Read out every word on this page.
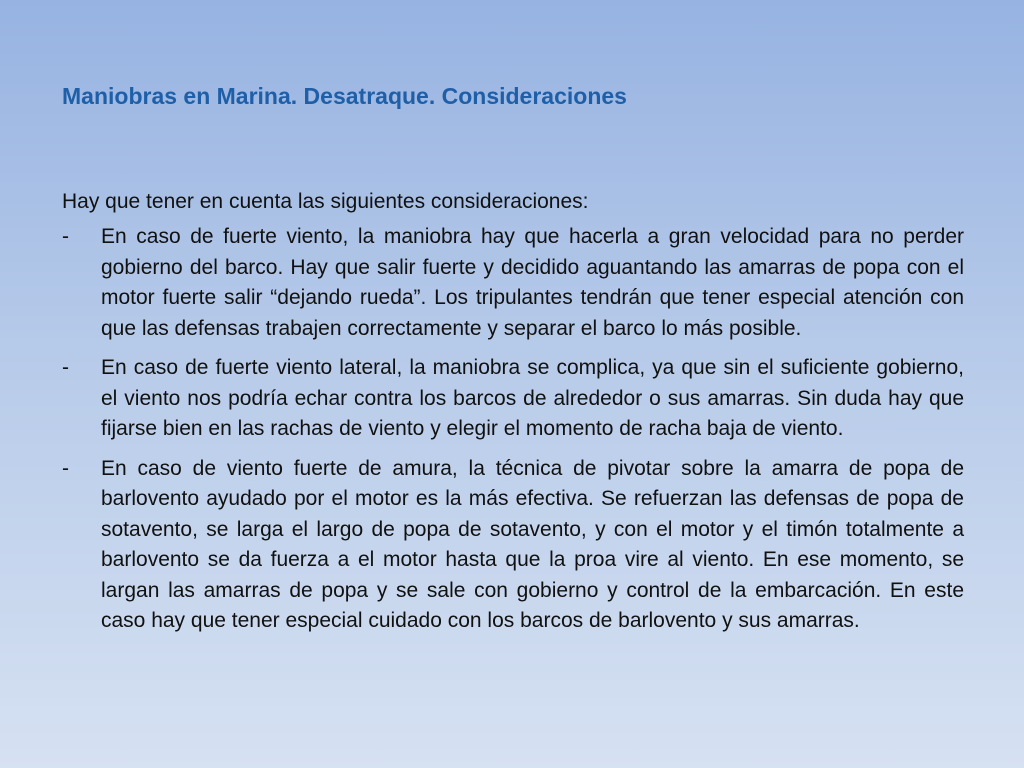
Maniobras en Marina. Desatraque. Consideraciones

Hay que tener en cuenta las siguientes consideraciones:

-	En caso de fuerte viento, la maniobra hay que hacerla a gran velocidad para no perder gobierno del barco. Hay que salir fuerte y decidido aguantando las amarras de popa con el motor fuerte salir “dejando rueda”. Los tripulantes tendrán que tener especial atención con que las defensas trabajen correctamente y separar el barco lo más posible.
-	En caso de fuerte viento lateral, la maniobra se complica, ya que sin el suficiente gobierno, el viento nos podría echar contra los barcos de alrededor o sus amarras. Sin duda hay que fijarse bien en las rachas de viento y elegir el momento de racha baja de viento.
-	En caso de viento fuerte de amura, la técnica de pivotar sobre la amarra de popa de barlovento ayudado por el motor es la más efectiva. Se refuerzan las defensas de popa de sotavento, se larga el largo de popa de sotavento, y con el motor y el timón totalmente a barlovento se da fuerza a el motor hasta que la proa vire al viento. En ese momento, se largan las amarras de popa y se sale con gobierno y control de la embarcación. En este caso hay que tener especial cuidado con los barcos de barlovento y sus amarras.
